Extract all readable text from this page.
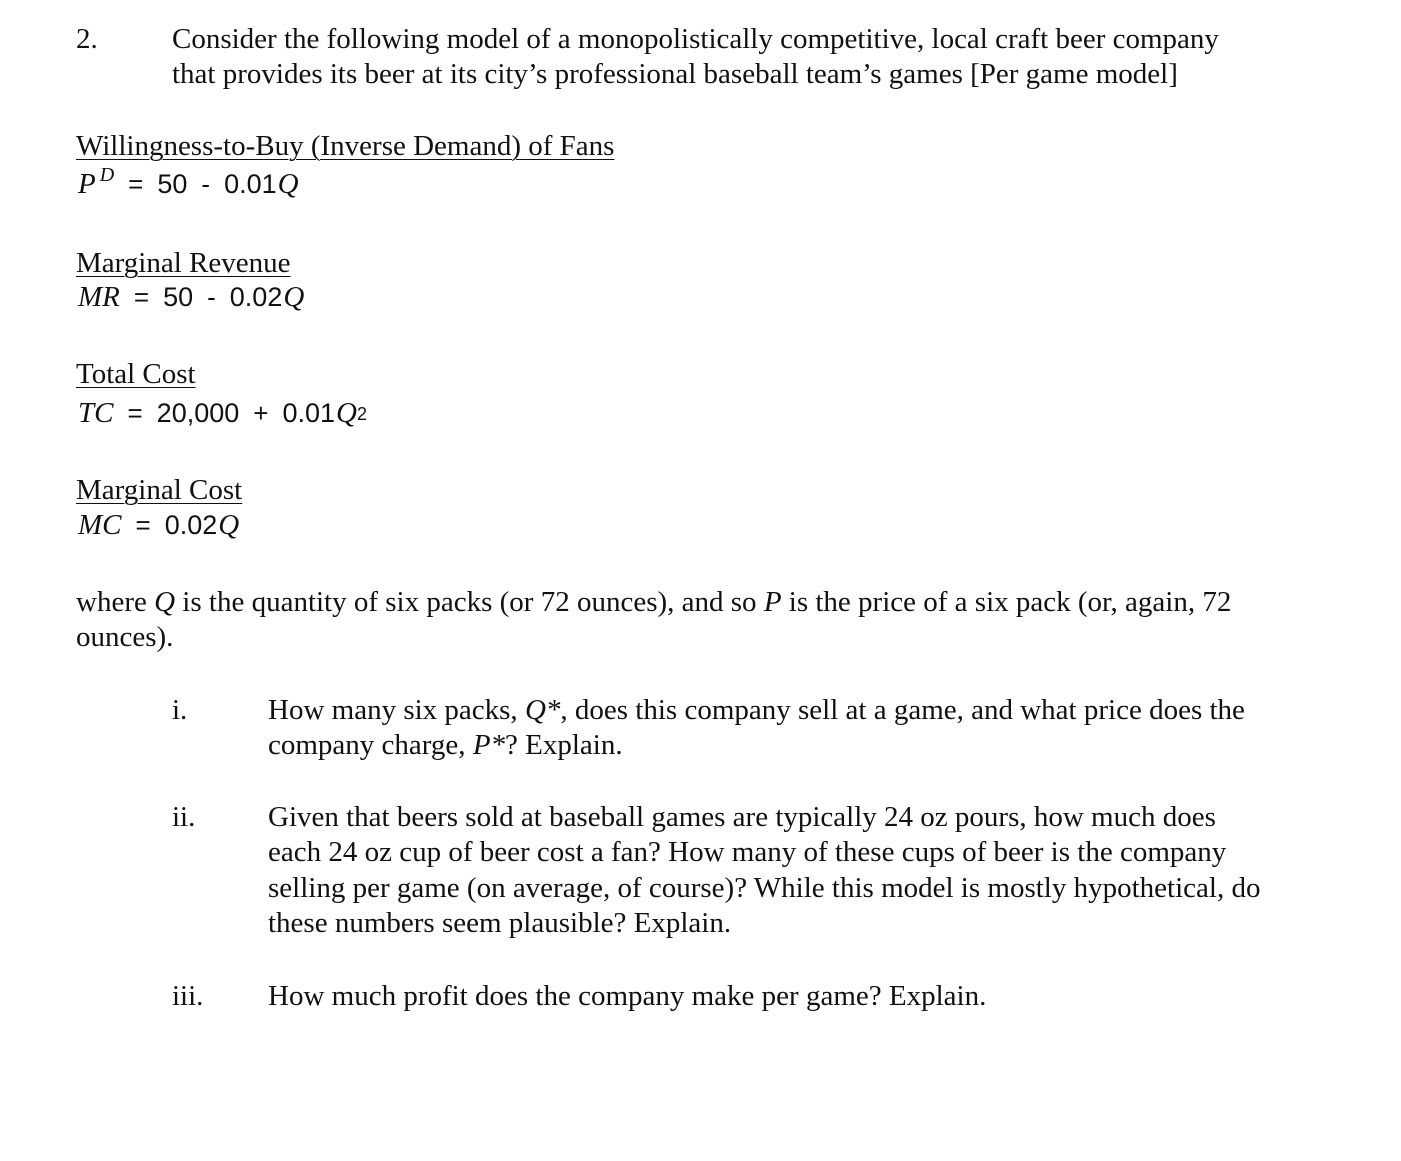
2.	Consider the following model of a monopolistically competitive, local craft beer company

that provides its beer at its city’s professional baseball team’s games [Per game model]

Willingness-to-Buy (Inverse Demand) of Fans

P D = 50 - 0.01 Q

Marginal Revenue

MR = 50 - 0.02 Q

Total Cost

TC = 20,000 + 0.01 $Q^2$

Marginal Cost

MC = 0.02 Q

where Q is the quantity of six packs (or 72 ounces), and so P is the price of a six pack (or, again, 72

ounces).

i.	How many six packs, Q*, does this company sell at a game, and what price does the

company charge, P*? Explain.

ii.	Given that beers sold at baseball games are typically 24 oz pours, how much does

each 24 oz cup of beer cost a fan? How many of these cups of beer is the company

selling per game (on average, of course)? While this model is mostly hypothetical, do

these numbers seem plausible? Explain.

iii. How much profit does the company make per game? Explain.
